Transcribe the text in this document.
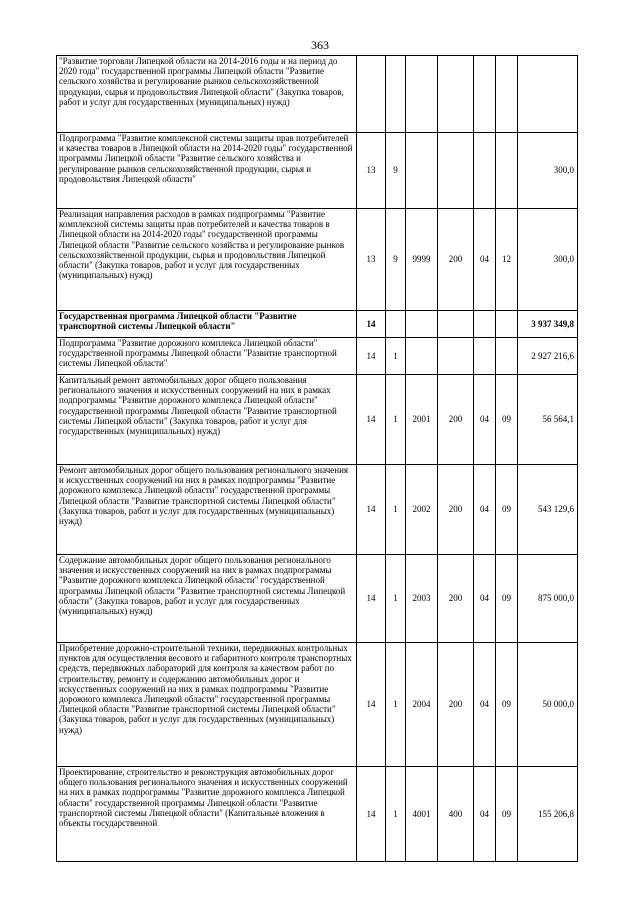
363
"Развитие торговли Липецкой области на 2014-2016 годы и на период до 2020 года" государственной программы Липецкой области "Развитие сельского хозяйства и регулирование рынков сельскохозяйственной продукции, сырья и продовольствия Липецкой области" (Закупка товаров, работ и услуг для государственных (муниципальных) нужд)							
Подпрограмма "Развитие комплексной системы защиты прав потребителей и качества товаров в Липецкой области на 2014-2020 годы" государственной программы Липецкой области "Развитие сельского хозяйства и регулирование рынков сельскохозяйственной продукции, сырья и продовольствия Липецкой области"	13	9					300,0
Реализация направления расходов в рамках подпрограммы "Развитие комплексной системы защиты прав потребителей и качества товаров в Липецкой области на 2014-2020 годы" государственной программы Липецкой области "Развитие сельского хозяйства и регулирование рынков сельскохозяйственной продукции, сырья и продовольствия Липецкой области" (Закупка товаров, работ и услуг для государственных (муниципальных) нужд)	13	9	9999	200	04	12	300,0
Государственная программа Липецкой области "Развитие транспортной системы Липецкой области"	14						3 937 349,8
Подпрограмма "Развитие дорожного комплекса Липецкой области" государственной программы Липецкой области "Развитие транспортной системы Липецкой области"	14	1					2 927 216,6
Капитальный ремонт автомобильных дорог общего пользования регионального значения и искусственных сооружений на них в рамках подпрограммы "Развитие дорожного комплекса Липецкой области" государственной программы Липецкой области "Развитие транспортной системы Липецкой области" (Закупка товаров, работ и услуг для государственных (муниципальных) нужд)	14	1	2001	200	04	09	56 564,1
Ремонт автомобильных дорог общего пользования регионального значения и искусственных сооружений на них в рамках подпрограммы "Развитие дорожного комплекса Липецкой области" государственной программы Липецкой области "Развитие транспортной системы Липецкой области" (Закупка товаров, работ и услуг для государственных (муниципальных) нужд)	14	1	2002	200	04	09	543 129,6
Содержание автомобильных дорог общего пользования регионального значения и искусственных сооружений на них в рамках подпрограммы "Развитие дорожного комплекса Липецкой области" государственной программы Липецкой области "Развитие транспортной системы Липецкой области" (Закупка товаров, работ и услуг для государственных (муниципальных) нужд)	14	1	2003	200	04	09	875 000,0
Приобретение дорожно-строительной техники, передвижных контрольных пунктов для осуществления весового и габаритного контроля транспортных средств, передвижных лабораторий для контроля за качеством работ по строительству, ремонту и содержанию автомобильных дорог и искусственных сооружений на них в рамках подпрограммы "Развитие дорожного комплекса Липецкой области" государственной программы Липецкой области "Развитие транспортной системы Липецкой области" (Закупка товаров, работ и услуг для государственных (муниципальных) нужд)	14	1	2004	200	04	09	50 000,0
Проектирование, строительство и реконструкция автомобильных дорог общего пользования регионального значения и искусственных сооружений на них в рамках подпрограммы "Развитие дорожного комплекса Липецкой области" государственной программы Липецкой области "Развитие транспортной системы Липецкой области" (Капитальные вложения в объекты государственной	14	1	4001	400	04	09	155 206,8
